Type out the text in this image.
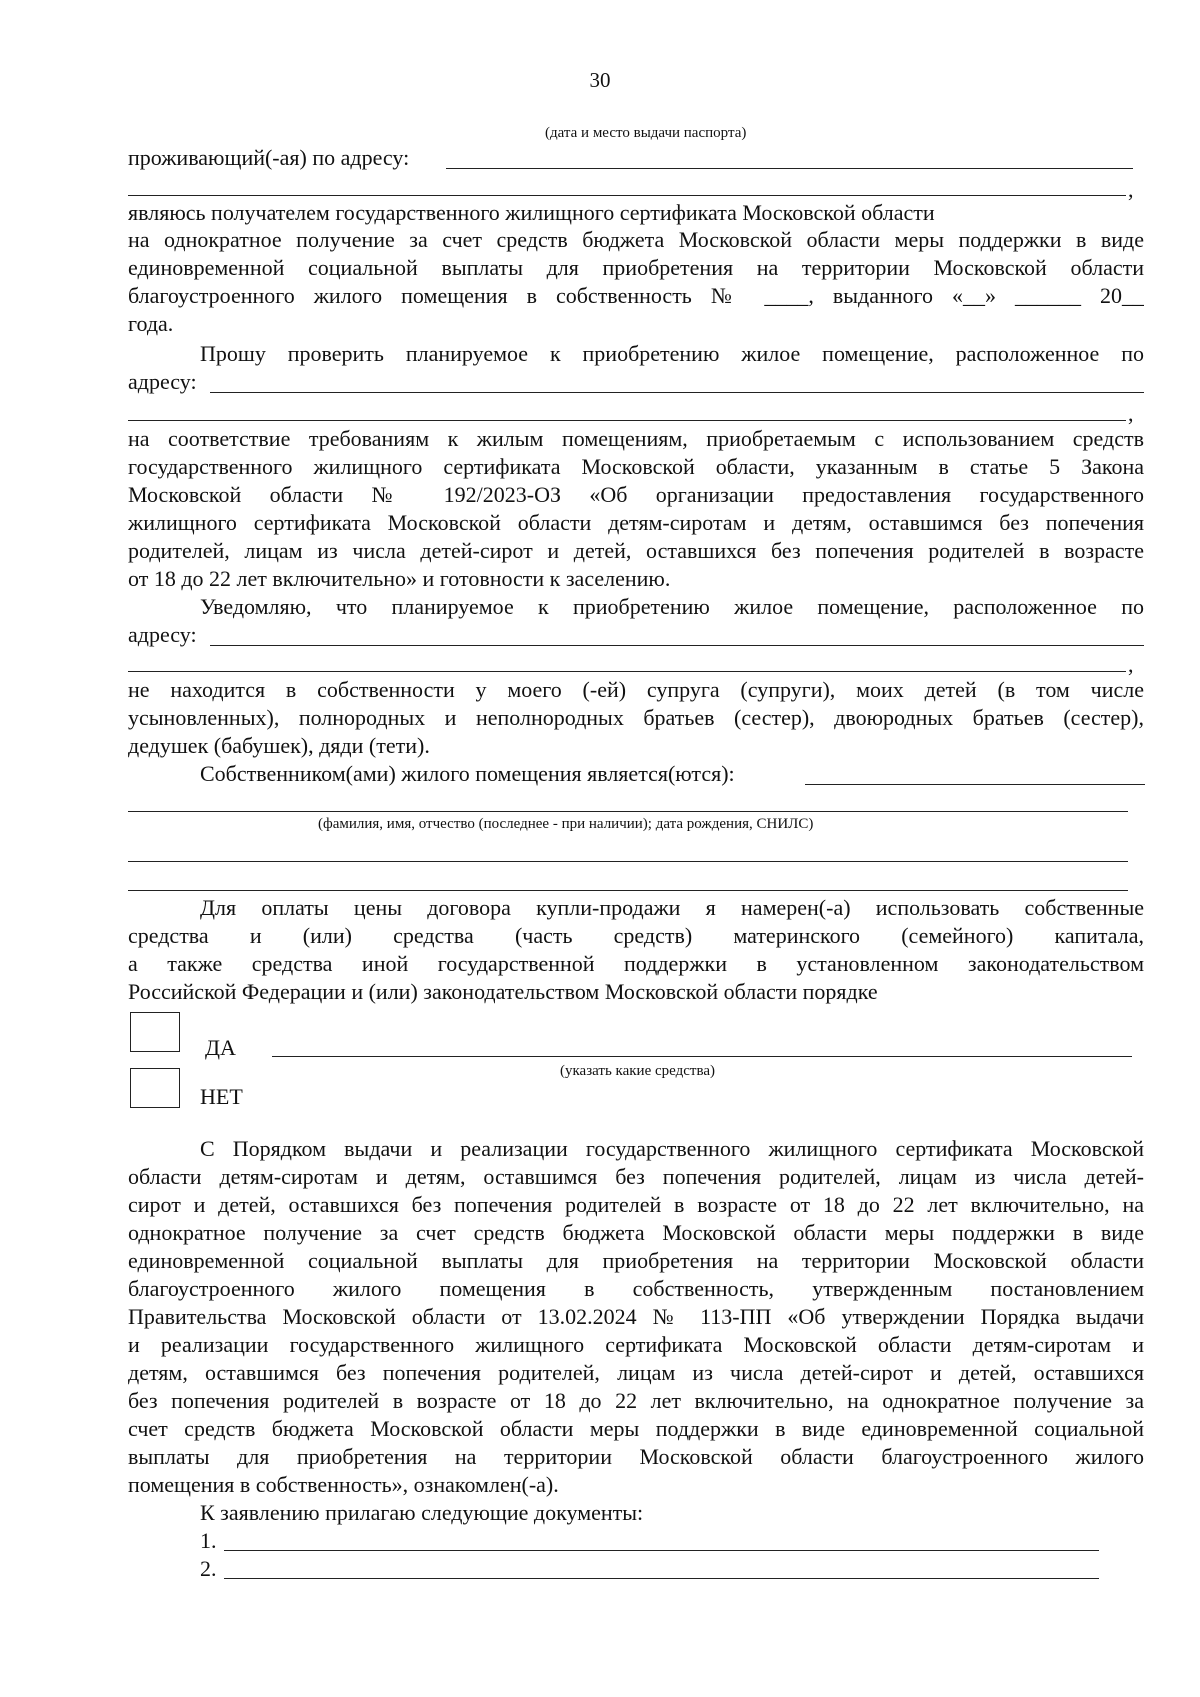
30
(дата и место выдачи паспорта)
проживающий(-ая) по адресу:
,
являюсь получателем государственного жилищного сертификата Московской области
на однократное получение за счет средств бюджета Московской области меры поддержки в виде
единовременной социальной выплаты для приобретения на территории Московской области
благоустроенного жилого помещения в собственность № ____, выданного «__» ______ 20__
года.
Прошу проверить планируемое к приобретению жилое помещение, расположенное по
адресу:
,
на соответствие требованиям к жилым помещениям, приобретаемым с использованием средств
государственного жилищного сертификата Московской области, указанным в статье 5 Закона
Московской области № 192/2023-ОЗ «Об организации предоставления государственного
жилищного сертификата Московской области детям-сиротам и детям, оставшимся без попечения
родителей, лицам из числа детей-сирот и детей, оставшихся без попечения родителей в возрасте
от 18 до 22 лет включительно» и готовности к заселению.
Уведомляю, что планируемое к приобретению жилое помещение, расположенное по
адресу:
,
не находится в собственности у моего (-ей) супруга (супруги), моих детей (в том числе
усыновленных), полнородных и неполнородных братьев (сестер), двоюродных братьев (сестер),
дедушек (бабушек), дяди (тети).
Собственником(ами) жилого помещения является(ются):
(фамилия, имя, отчество (последнее - при наличии); дата рождения, СНИЛС)
Для оплаты цены договора купли-продажи я намерен(-а) использовать собственные
средства и (или) средства (часть средств) материнского (семейного) капитала,
а также средства иной государственной поддержки в установленном законодательством
Российской Федерации и (или) законодательством Московской области порядке
ДА
(указать какие средства)
НЕТ
С Порядком выдачи и реализации государственного жилищного сертификата Московской
области детям-сиротам и детям, оставшимся без попечения родителей, лицам из числа детей-
сирот и детей, оставшихся без попечения родителей в возрасте от 18 до 22 лет включительно, на
однократное получение за счет средств бюджета Московской области меры поддержки в виде
единовременной социальной выплаты для приобретения на территории Московской области
благоустроенного жилого помещения в собственность, утвержденным постановлением
Правительства Московской области от 13.02.2024 № 113-ПП «Об утверждении Порядка выдачи
и реализации государственного жилищного сертификата Московской области детям-сиротам и
детям, оставшимся без попечения родителей, лицам из числа детей-сирот и детей, оставшихся
без попечения родителей в возрасте от 18 до 22 лет включительно, на однократное получение за
счет средств бюджета Московской области меры поддержки в виде единовременной социальной
выплаты для приобретения на территории Московской области благоустроенного жилого
помещения в собственность», ознакомлен(-а).
К заявлению прилагаю следующие документы:
1.
2.
